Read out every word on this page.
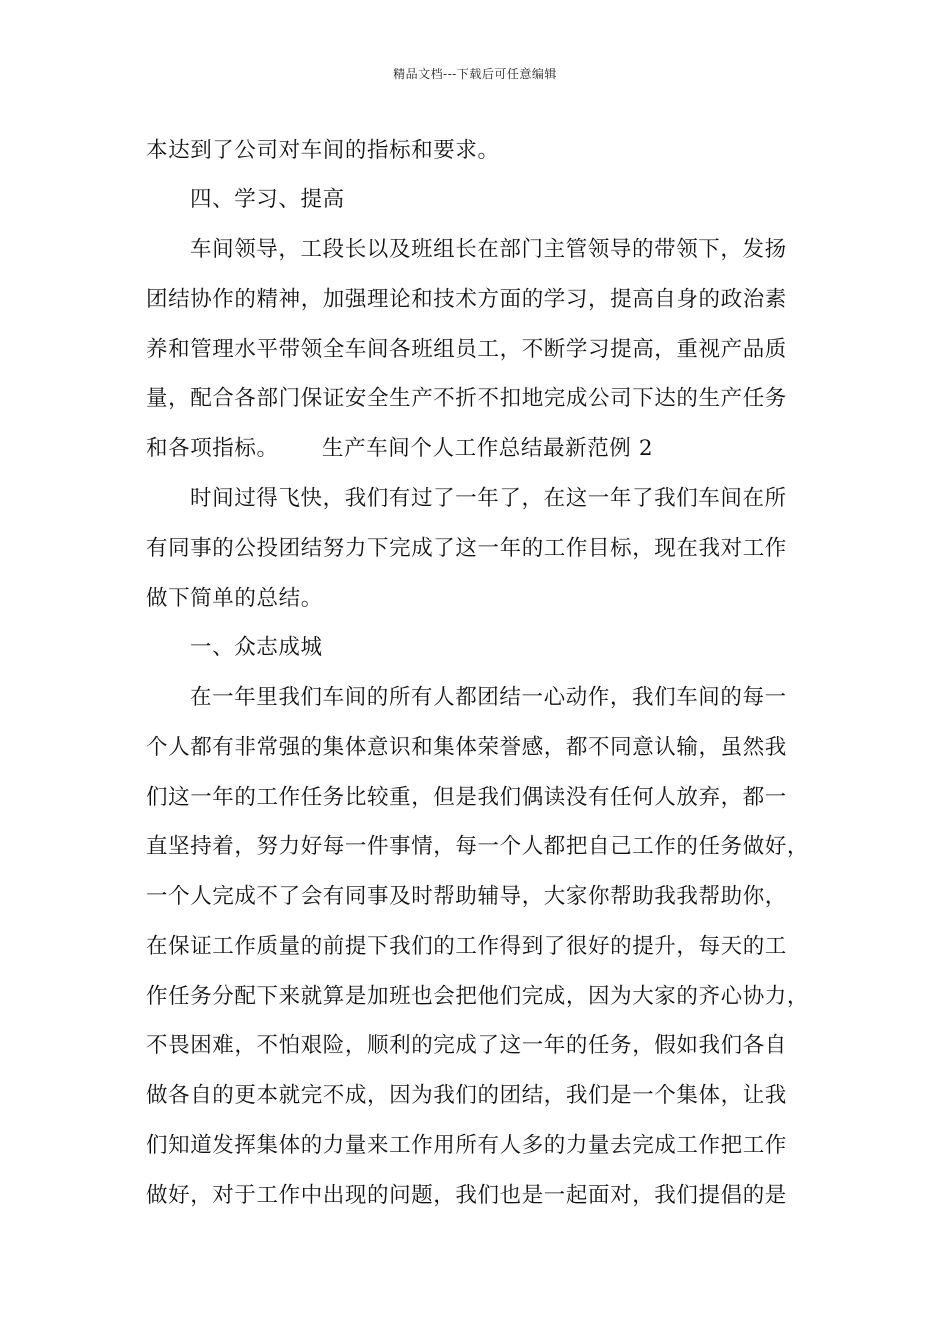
精品文档---下载后可任意编辑
本达到了公司对车间的指标和要求。
四、学习、提高
车间领导，工段长以及班组长在部门主管领导的带领下，发扬
团结协作的精神，加强理论和技术方面的学习，提高自身的政治素
养和管理水平带领全车间各班组员工，不断学习提高，重视产品质
量，配合各部门保证安全生产不折不扣地完成公司下达的生产任务
和各项指标。 生产车间个人工作总结最新范例 2
时间过得飞快，我们有过了一年了，在这一年了我们车间在所
有同事的公投团结努力下完成了这一年的工作目标，现在我对工作
做下简单的总结。
一、众志成城
在一年里我们车间的所有人都团结一心动作，我们车间的每一
个人都有非常强的集体意识和集体荣誉感，都不同意认输，虽然我
们这一年的工作任务比较重，但是我们偶读没有任何人放弃，都一
直坚持着，努力好每一件事情，每一个人都把自己工作的任务做好，
一个人完成不了会有同事及时帮助辅导，大家你帮助我我帮助你，
在保证工作质量的前提下我们的工作得到了很好的提升，每天的工
作任务分配下来就算是加班也会把他们完成，因为大家的齐心协力，
不畏困难，不怕艰险，顺利的完成了这一年的任务，假如我们各自
做各自的更本就完不成，因为我们的团结，我们是一个集体，让我
们知道发挥集体的力量来工作用所有人多的力量去完成工作把工作
做好，对于工作中出现的问题，我们也是一起面对，我们提倡的是
